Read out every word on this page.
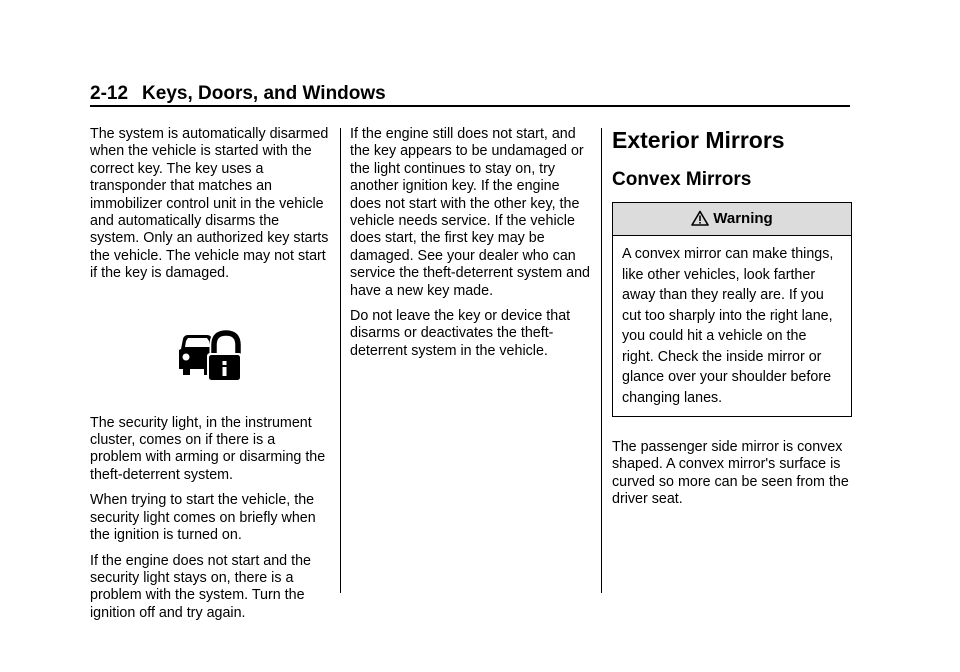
2-12 Keys, Doors, and Windows

The system is automatically disarmed when the vehicle is started with the correct key. The key uses a transponder that matches an immobilizer control unit in the vehicle and automatically disarms the system. Only an authorized key starts the vehicle. The vehicle may not start if the key is damaged.

The security light, in the instrument cluster, comes on if there is a problem with arming or disarming the theft-deterrent system.

When trying to start the vehicle, the security light comes on briefly when the ignition is turned on.

If the engine does not start and the security light stays on, there is a problem with the system. Turn the ignition off and try again.

If the engine still does not start, and the key appears to be undamaged or the light continues to stay on, try another ignition key. If the engine does not start with the other key, the vehicle needs service. If the vehicle does start, the first key may be damaged. See your dealer who can service the theft-deterrent system and have a new key made.

Do not leave the key or device that disarms or deactivates the theft-deterrent system in the vehicle.

Exterior Mirrors
Convex Mirrors
Warning
A convex mirror can make things, like other vehicles, look farther away than they really are. If you cut too sharply into the right lane, you could hit a vehicle on the right. Check the inside mirror or glance over your shoulder before changing lanes.

The passenger side mirror is convex shaped. A convex mirror's surface is curved so more can be seen from the driver seat.
